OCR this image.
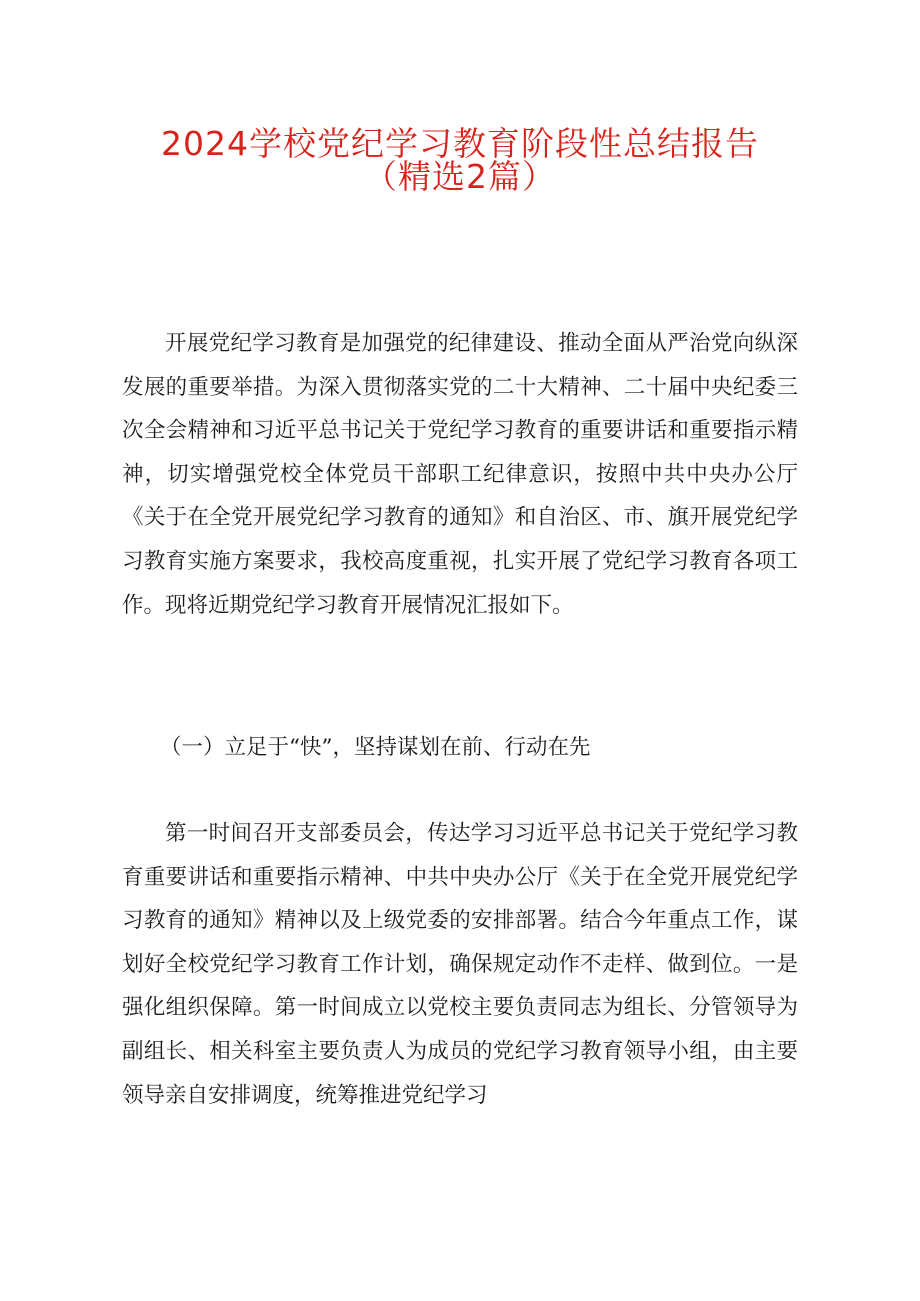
2024学校党纪学习教育阶段性总结报告
（精选2篇）

开展党纪学习教育是加强党的纪律建设、推动全面从严治党向纵深发展的重要举措。为深入贯彻落实党的二十大精神、二十届中央纪委三次全会精神和习近平总书记关于党纪学习教育的重要讲话和重要指示精神，切实增强党校全体党员干部职工纪律意识，按照中共中央办公厅《关于在全党开展党纪学习教育的通知》和自治区、市、旗开展党纪学习教育实施方案要求，我校高度重视，扎实开展了党纪学习教育各项工作。现将近期党纪学习教育开展情况汇报如下。

（一）立足于“快”，坚持谋划在前、行动在先

第一时间召开支部委员会，传达学习习近平总书记关于党纪学习教育重要讲话和重要指示精神、中共中央办公厅《关于在全党开展党纪学习教育的通知》精神以及上级党委的安排部署。结合今年重点工作，谋划好全校党纪学习教育工作计划，确保规定动作不走样、做到位。一是强化组织保障。第一时间成立以党校主要负责同志为组长、分管领导为副组长、相关科室主要负责人为成员的党纪学习教育领导小组，由主要领导亲自安排调度，统筹推进党纪学习
